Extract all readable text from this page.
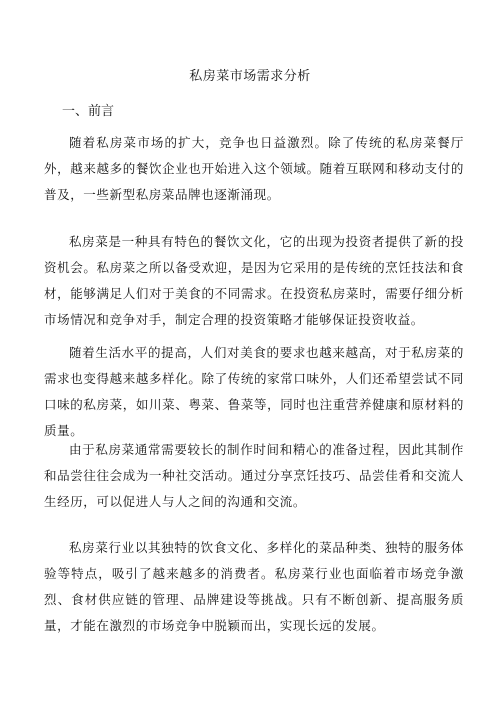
私房菜市场需求分析
一、前言

随着私房菜市场的扩大，竞争也日益激烈。除了传统的私房菜餐厅外，越来越多的餐饮企业也开始进入这个领域。随着互联网和移动支付的普及，一些新型私房菜品牌也逐渐涌现。

私房菜是一种具有特色的餐饮文化，它的出现为投资者提供了新的投资机会。私房菜之所以备受欢迎，是因为它采用的是传统的烹饪技法和食材，能够满足人们对于美食的不同需求。在投资私房菜时，需要仔细分析市场情况和竞争对手，制定合理的投资策略才能够保证投资收益。

随着生活水平的提高，人们对美食的要求也越来越高，对于私房菜的需求也变得越来越多样化。除了传统的家常口味外，人们还希望尝试不同口味的私房菜，如川菜、粤菜、鲁菜等，同时也注重营养健康和原材料的质量。

由于私房菜通常需要较长的制作时间和精心的准备过程，因此其制作和品尝往往会成为一种社交活动。通过分享烹饪技巧、品尝佳肴和交流人生经历，可以促进人与人之间的沟通和交流。

私房菜行业以其独特的饮食文化、多样化的菜品种类、独特的服务体验等特点，吸引了越来越多的消费者。私房菜行业也面临着市场竞争激烈、食材供应链的管理、品牌建设等挑战。只有不断创新、提高服务质量，才能在激烈的市场竞争中脱颖而出，实现长远的发展。
